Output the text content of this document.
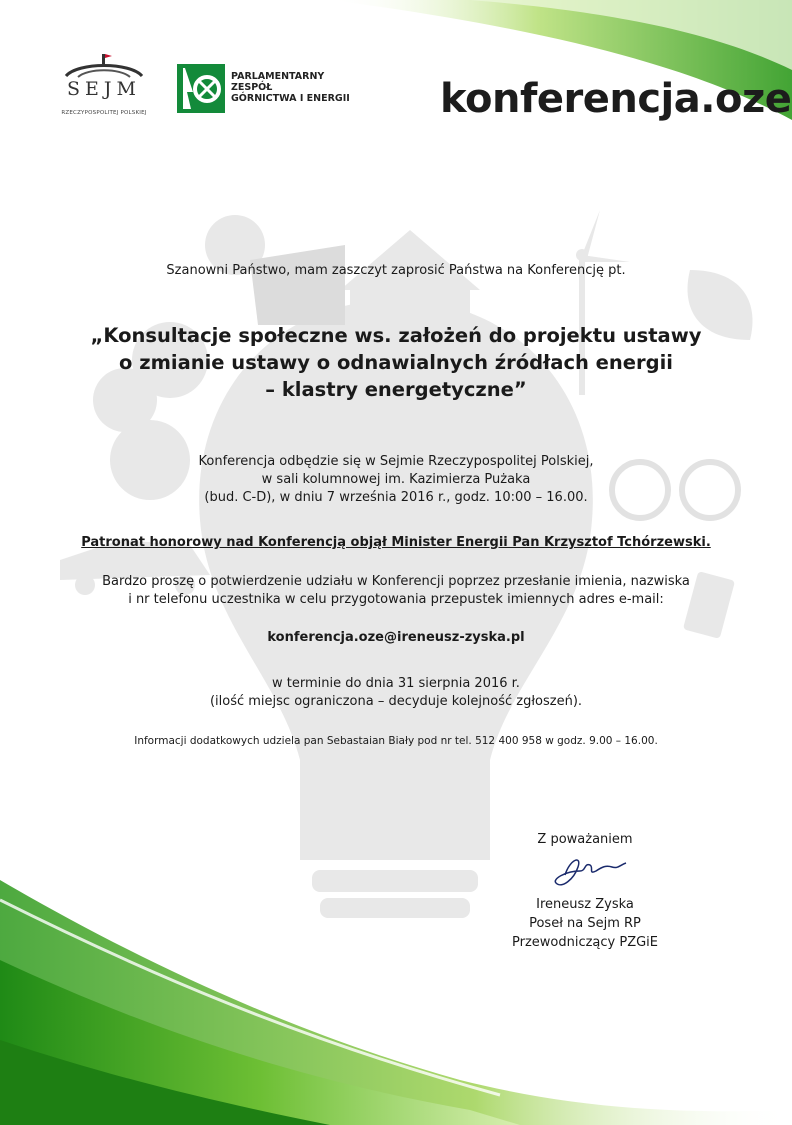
SEJM
RZECZYPOSPOLITEJ POLSKIEJ
PARLAMENTARNY
ZESPÓŁ
GÓRNICTWA I ENERGII konferencja.oze
Szanowni Państwo, mam zaszczyt zaprosić Państwa na Konferencję pt.
„Konsultacje społeczne ws. założeń do projektu ustawy
o zmianie ustawy o odnawialnych źródłach energii
– klastry energetyczne”
Konferencja odbędzie się w Sejmie Rzeczypospolitej Polskiej,
w sali kolumnowej im. Kazimierza Pużaka
(bud. C-D), w dniu 7 września 2016 r., godz. 10:00 – 16.00.
Patronat honorowy nad Konferencją objął Minister Energii Pan Krzysztof Tchórzewski.
Bardzo proszę o potwierdzenie udziału w Konferencji poprzez przesłanie imienia, nazwiska
i nr telefonu uczestnika w celu przygotowania przepustek imiennych adres e-mail:
konferencja.oze@ireneusz-zyska.pl
w terminie do dnia 31 sierpnia 2016 r.
(ilość miejsc ograniczona – decyduje kolejność zgłoszeń).
Informacji dodatkowych udziela pan Sebastaian Biały pod nr tel. 512 400 958 w godz. 9.00 – 16.00.
Z poważaniem
Ireneusz Zyska
Poseł na Sejm RP
Przewodniczący PZGiE
